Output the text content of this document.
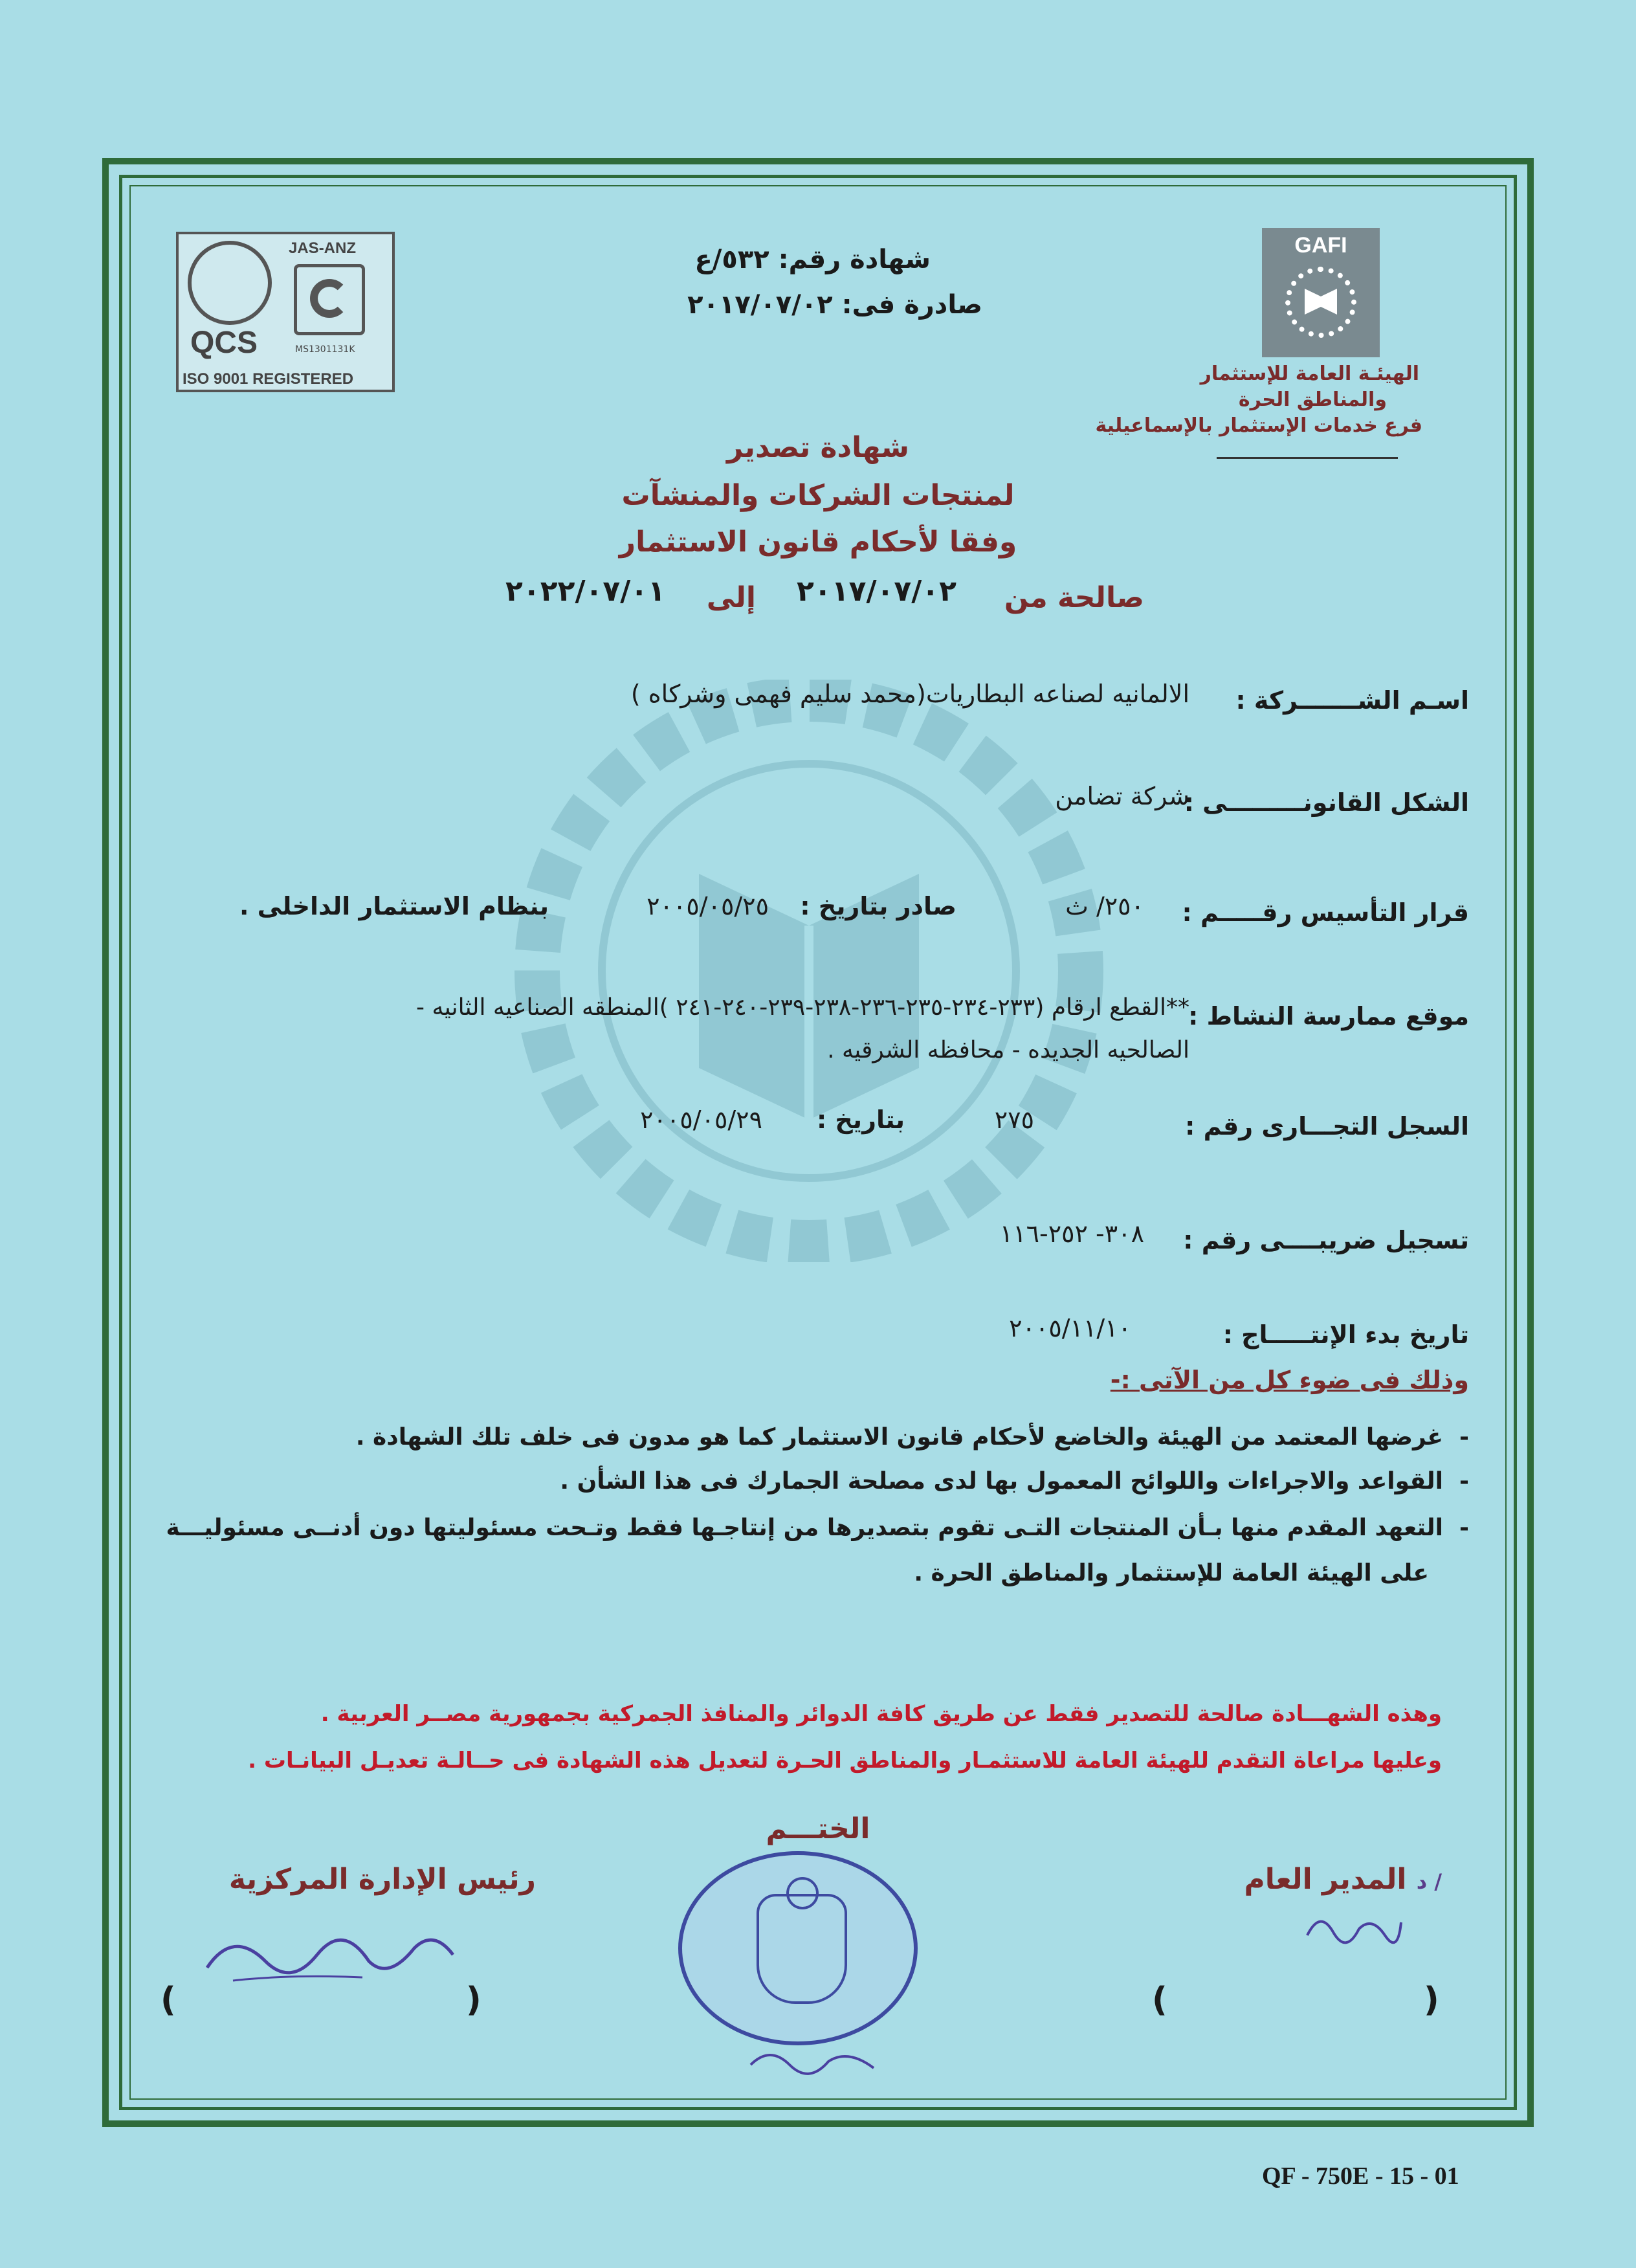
QCS
JAS-ANZ
MS1301131K
ISO 9001 REGISTERED
GAFI
الهيئـة العامة للإستثمار
والمناطق الحرة
فرع خدمات الإستثمار بالإسماعيلية
شهادة رقم: ٥٣٢/ع
صادرة فى: ٢٠١٧/٠٧/٠٢
شهادة تصدير
لمنتجات الشركات والمنشآت
وفقا لأحكام قانون الاستثمار
صالحة من
٢٠١٧/٠٧/٠٢
إلى
٢٠٢٢/٠٧/٠١
اسـم الشـــــــركة :
الالمانيه لصناعه البطاريات(محمد سليم فهمى وشركاه )
الشكل القانونـــــــــى :
شركة تضامن
قرار التأسيس رقـــــم :
٢٥٠/ ث
صادر بتاريخ :
٢٠٠٥/٠٥/٢٥
بنظام الاستثمار الداخلى .
موقع ممارسة النشاط :
**القطع ارقام (٢٣٣-٢٣٤-٢٣٥-٢٣٦-٢٣٨-٢٣٩-٢٤٠-٢٤١ )المنطقه الصناعيه الثانيه -
الصالحيه الجديده - محافظه الشرقيه .
السجل التجـــارى رقم :
٢٧٥
بتاريخ :
٢٠٠٥/٠٥/٢٩
تسجيل ضريبــــى رقم :
٣٠٨- ٢٥٢-١١٦
تاريخ بدء الإنتـــــاج :
٢٠٠٥/١١/١٠
وذلك فى ضوء كل من الآتى :-
-  غرضها المعتمد من الهيئة والخاضع لأحكام قانون الاستثمار كما هو مدون فى خلف تلك الشهادة .
-  القواعد والاجراءات واللوائح المعمول بها لدى مصلحة الجمارك فى هذا الشأن .
-  التعهد المقدم منها بـأن المنتجات التـى تقوم بتصديرها من إنتاجـها فقط وتـحت مسئوليتها دون أدنــى مسئوليـــة
على الهيئة العامة للإستثمار والمناطق الحرة .
وهذه الشهـــادة صالحة للتصدير فقط عن طريق كافة الدوائر والمنافذ الجمركية بجمهورية مصــر العربية .
وعليها مراعاة التقدم للهيئة العامة للاستثمـار والمناطق الحـرة لتعديل هذه الشهادة فى حــالـة تعديـل البيانـات .
/ د المدير العام
)
(
الختـــم
رئيس الإدارة المركزية
)
(
QF - 750E - 15 - 01
